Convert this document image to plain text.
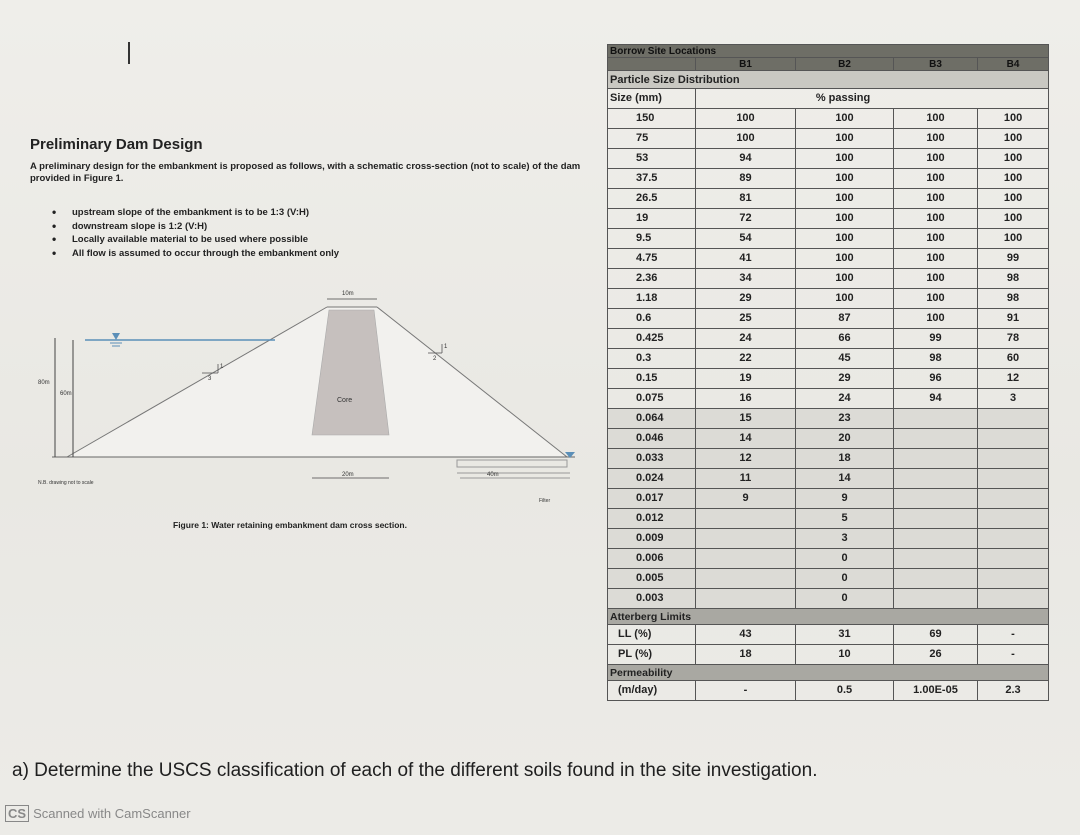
Preliminary Dam Design
A preliminary design for the embankment is proposed as follows, with a schematic cross-section (not to scale) of the dam provided in Figure 1.
• upstream slope of the embankment is to be 1:3 (V:H)
• downstream slope is 1:2 (V:H)
• Locally available material to be used where possible
• All flow is assumed to occur through the embankment only
10m
80m
60m
Core
20m	40m
1
3
1
2
Filter
N.B. drawing not to scale
Figure 1: Water retaining embankment dam cross section.
Borrow Site Locations				
	B1	B2	B3	B4
Particle Size Distribution				
Size (mm)	% passing			
150	100	100	100	100
75	100	100	100	100
53	94	100	100	100
37.5	89	100	100	100
26.5	81	100	100	100
19	72	100	100	100
9.5	54	100	100	100
4.75	41	100	100	99
2.36	34	100	100	98
1.18	29	100	100	98
0.6	25	87	100	91
0.425	24	66	99	78
0.3	22	45	98	60
0.15	19	29	96	12
0.075	16	24	94	3
0.064	15	23		
0.046	14	20		
0.033	12	18		
0.024	11	14		
0.017	9	9		
0.012		5		
0.009		3		
0.006		0		
0.005		0		
0.003		0		
Atterberg Limits				
LL (%)	43	31	69	-
PL (%)	18	10	26	-
Permeability				
(m/day)	-	0.5	1.00E-05	2.3
a) Determine the USCS classification of each of the different soils found in the site investigation.
CS Scanned with CamScanner
